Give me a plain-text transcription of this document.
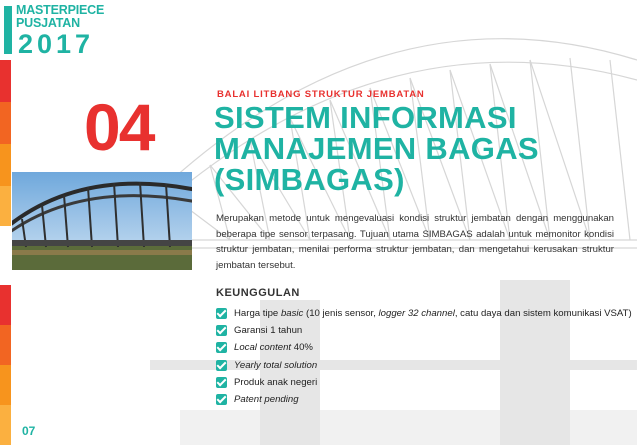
MASTERPIECE
PUSJATAN
2017
04	BALAI LITBANG STRUKTUR JEMBATAN
SISTEM INFORMASI
MANAJEMEN BAGAS
(SIMBAGAS)
Merupakan metode untuk mengevaluasi kondisi struktur jembatan dengan menggunakan beberapa tipe sensor terpasang. Tujuan utama SIMBAGAS adalah untuk memonitor kondisi struktur jembatan, menilai performa struktur jembatan, dan mengetahui kerusakan struktur jembatan tersebut.
KEUNGGULAN
Harga tipe basic (10 jenis sensor, logger 32 channel, catu daya dan sistem komunikasi VSAT)
Garansi 1 tahun
Local content 40%
Yearly total solution
Produk anak negeri
Patent pending
07
